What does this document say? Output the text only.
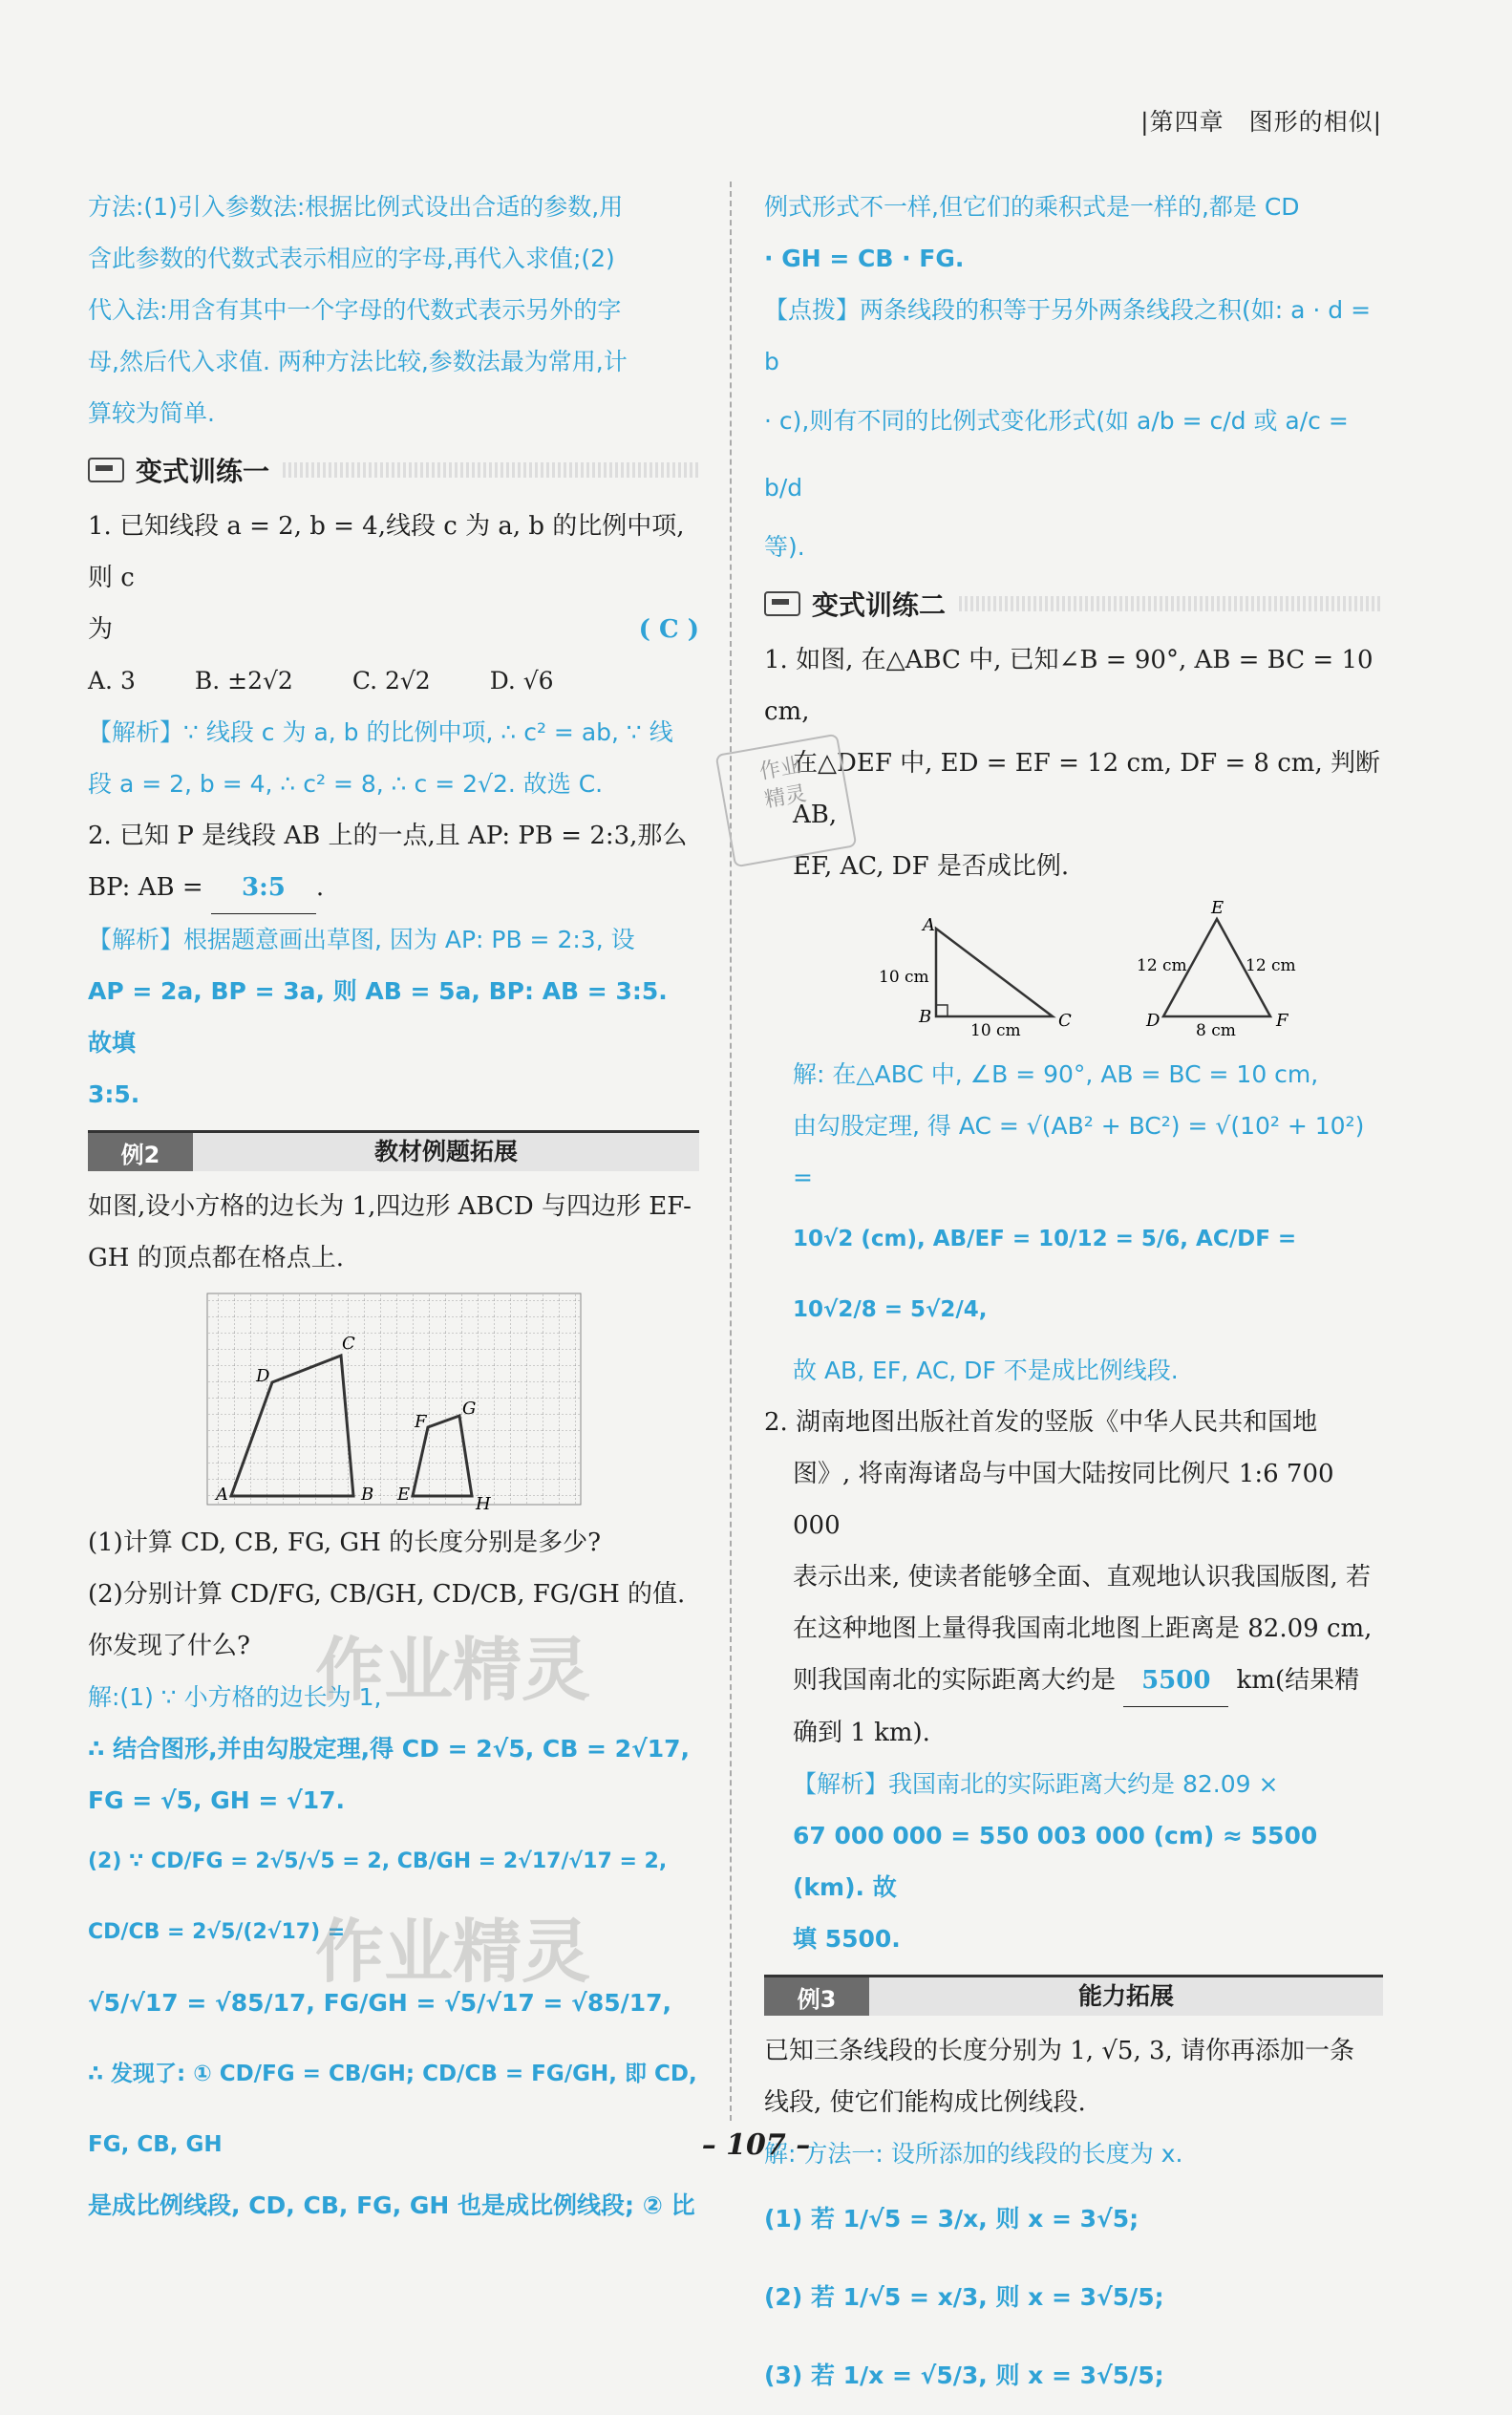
|第四章　图形的相似|

方法:(1)引入参数法:根据比例式设出合适的参数,用

含此参数的代数式表示相应的字母,再代入求值;(2)

代入法:用含有其中一个字母的代数式表示另外的字

母,然后代入求值. 两种方法比较,参数法最为常用,计

算较为简单.

变式训练一

1. 已知线段 a = 2, b = 4,线段 c 为 a, b 的比例中项,则 c

为	( C )

A. 3 B. ±2√2 C. 2√2 D. √6

【解析】∵ 线段 c 为 a, b 的比例中项, ∴ c² = ab, ∵ 线

段 a = 2, b = 4, ∴ c² = 8, ∴ c = 2√2. 故选 C.

2. 已知 P 是线段 AB 上的一点,且 AP: PB = 2:3,那么

BP: AB = 3:5 .

【解析】根据题意画出草图, 因为 AP: PB = 2:3, 设

AP = 2a, BP = 3a, 则 AB = 5a, BP: AB = 3:5. 故填

3:5.

例2	教材例题拓展

如图,设小方格的边长为 1,四边形 ABCD 与四边形 EF-

GH 的顶点都在格点上.

A	B
C
D
E
F
G
H

(1)计算 CD, CB, FG, GH 的长度分别是多少?

(2)分别计算 CD/FG, CB/GH, CD/CB, FG/GH 的值. 你发现了什么?

解:(1) ∵ 小方格的边长为 1,

∴ 结合图形,并由勾股定理,得 CD = 2√5, CB = 2√17,

FG = √5, GH = √17.

(2) ∵ CD/FG = 2√5/√5 = 2, CB/GH = 2√17/√17 = 2, CD/CB = 2√5/(2√17) =

√5/√17 = √85/17, FG/GH = √5/√17 = √85/17,

∴ 发现了: ① CD/FG = CB/GH; CD/CB = FG/GH, 即 CD, FG, CB, GH

是成比例线段, CD, CB, FG, GH 也是成比例线段; ② 比

例式形式不一样,但它们的乘积式是一样的,都是 CD

· GH = CB · FG.

【点拨】两条线段的积等于另外两条线段之积(如: a · d = b

· c),则有不同的比例式变化形式(如 a/b = c/d 或 a/c = b/d

等).

变式训练二

1. 如图, 在△ABC 中, 已知∠B = 90°, AB = BC = 10 cm,

在△DEF 中, ED = EF = 12 cm, DF = 8 cm, 判断 AB,

EF, AC, DF 是否成比例.

A
B	C
10 cm
10 cm
E
D	F
12 cm	12 cm
8 cm

解: 在△ABC 中, ∠B = 90°, AB = BC = 10 cm,

由勾股定理, 得 AC = √(AB² + BC²) = √(10² + 10²) =

10√2 (cm), AB/EF = 10/12 = 5/6, AC/DF = 10√2/8 = 5√2/4,

故 AB, EF, AC, DF 不是成比例线段.

2. 湖南地图出版社首发的竖版《中华人民共和国地

图》, 将南海诸岛与中国大陆按同比例尺 1:6 700 000

表示出来, 使读者能够全面、直观地认识我国版图, 若

在这种地图上量得我国南北地图上距离是 82.09 cm,

则我国南北的实际距离大约是 5500 km(结果精

确到 1 km).

【解析】我国南北的实际距离大约是 82.09 ×

67 000 000 = 550 003 000 (cm) ≈ 5500 (km). 故

填 5500.

例3	能力拓展

已知三条线段的长度分别为 1, √5, 3, 请你再添加一条

线段, 使它们能构成比例线段.

解: 方法一: 设所添加的线段的长度为 x.

(1) 若 1/√5 = 3/x, 则 x = 3√5;

(2) 若 1/√5 = x/3, 则 x = 3√5/5;

(3) 若 1/x = √5/3, 则 x = 3√5/5;

作业
精灵
作业精灵
作业精灵
– 107 –
